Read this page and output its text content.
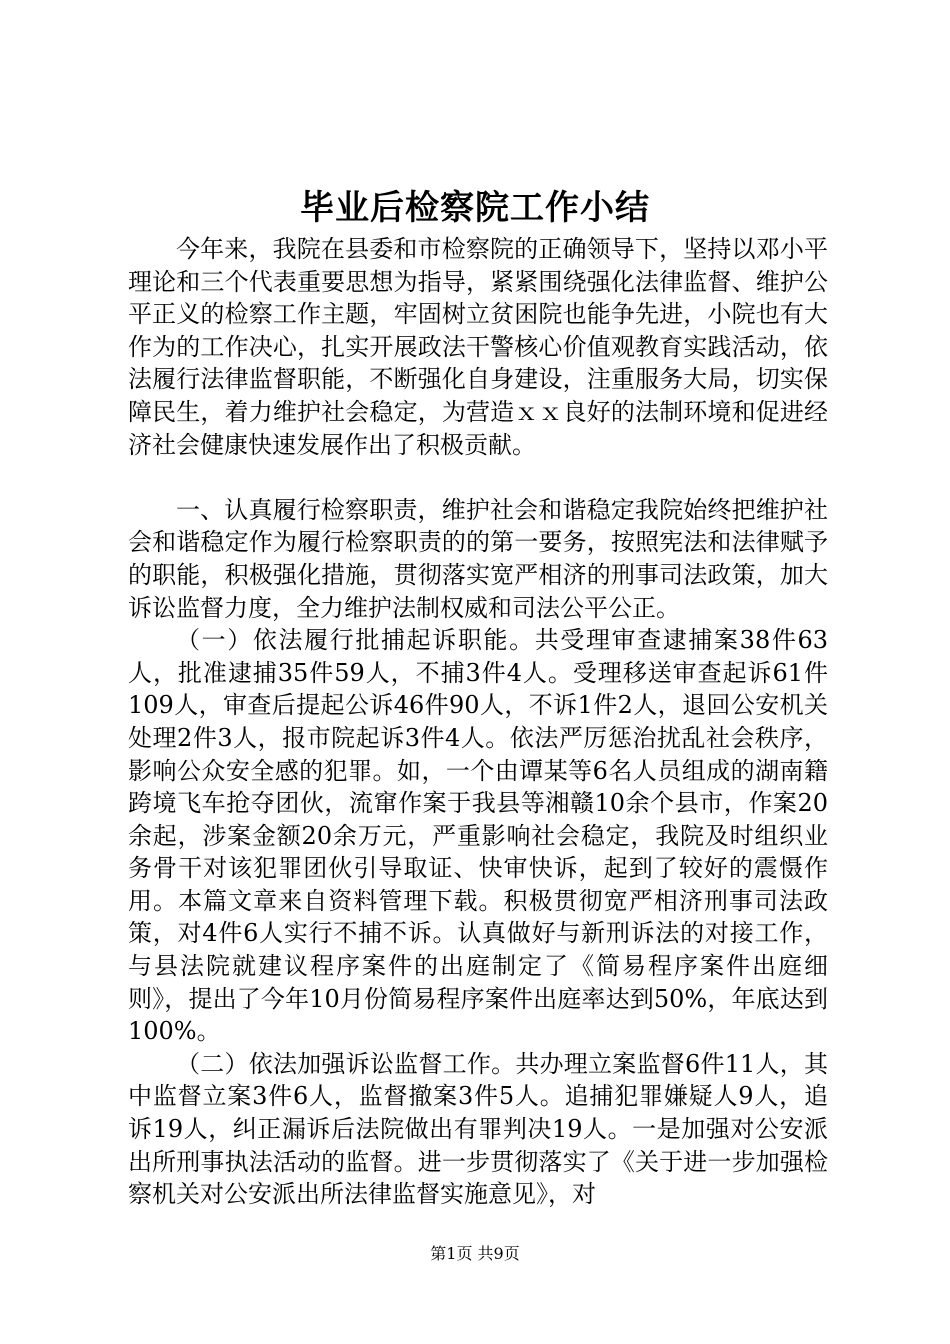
毕业后检察院工作小结

今年来，我院在县委和市检察院的正确领导下，坚持以邓小平理论和三个代表重要思想为指导，紧紧围绕强化法律监督、维护公平正义的检察工作主题，牢固树立贫困院也能争先进，小院也有大作为的工作决心，扎实开展政法干警核心价值观教育实践活动，依法履行法律监督职能，不断强化自身建设，注重服务大局，切实保障民生，着力维护社会稳定，为营造ｘｘ良好的法制环境和促进经济社会健康快速发展作出了积极贡献。

一、认真履行检察职责，维护社会和谐稳定我院始终把维护社会和谐稳定作为履行检察职责的的第一要务，按照宪法和法律赋予的职能，积极强化措施，贯彻落实宽严相济的刑事司法政策，加大诉讼监督力度，全力维护法制权威和司法公平公正。

（一）依法履行批捕起诉职能。共受理审查逮捕案38件63人，批准逮捕35件59人，不捕3件4人。受理移送审查起诉61件109人，审查后提起公诉46件90人，不诉1件2人，退回公安机关处理2件3人，报市院起诉3件4人。依法严厉惩治扰乱社会秩序，影响公众安全感的犯罪。如，一个由谭某等6名人员组成的湖南籍跨境飞车抢夺团伙，流窜作案于我县等湘赣10余个县市，作案20余起，涉案金额20余万元，严重影响社会稳定，我院及时组织业务骨干对该犯罪团伙引导取证、快审快诉，起到了较好的震慑作用。本篇文章来自资料管理下载。积极贯彻宽严相济刑事司法政策，对4件6人实行不捕不诉。认真做好与新刑诉法的对接工作，与县法院就建议程序案件的出庭制定了《简易程序案件出庭细则》，提出了今年10月份简易程序案件出庭率达到50%，年底达到100%。

（二）依法加强诉讼监督工作。共办理立案监督6件11人，其中监督立案3件6人，监督撤案3件5人。追捕犯罪嫌疑人9人，追诉19人，纠正漏诉后法院做出有罪判决19人。一是加强对公安派出所刑事执法活动的监督。进一步贯彻落实了《关于进一步加强检察机关对公安派出所法律监督实施意见》，对

第1页 共9页
